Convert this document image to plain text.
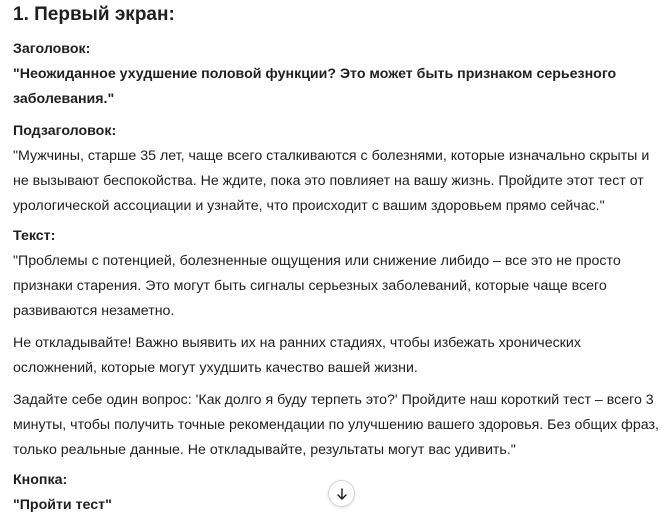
1. Первый экран:
Заголовок:
"Неожиданное ухудшение половой функции? Это может быть признаком серьезного заболевания."
Подзаголовок:
"Мужчины, старше 35 лет, чаще всего сталкиваются с болезнями, которые изначально скрыты и не вызывают беспокойства. Не ждите, пока это повлияет на вашу жизнь. Пройдите этот тест от урологической ассоциации и узнайте, что происходит с вашим здоровьем прямо сейчас."
Текст:
"Проблемы с потенцией, болезненные ощущения или снижение либидо – все это не просто признаки старения. Это могут быть сигналы серьезных заболеваний, которые чаще всего развиваются незаметно.
Не откладывайте! Важно выявить их на ранних стадиях, чтобы избежать хронических осложнений, которые могут ухудшить качество вашей жизни.
Задайте себе один вопрос: 'Как долго я буду терпеть это?' Пройдите наш короткий тест – всего 3 минуты, чтобы получить точные рекомендации по улучшению вашего здоровья. Без общих фраз, только реальные данные. Не откладывайте, результаты могут вас удивить."
Кнопка:
"Пройти тест"
